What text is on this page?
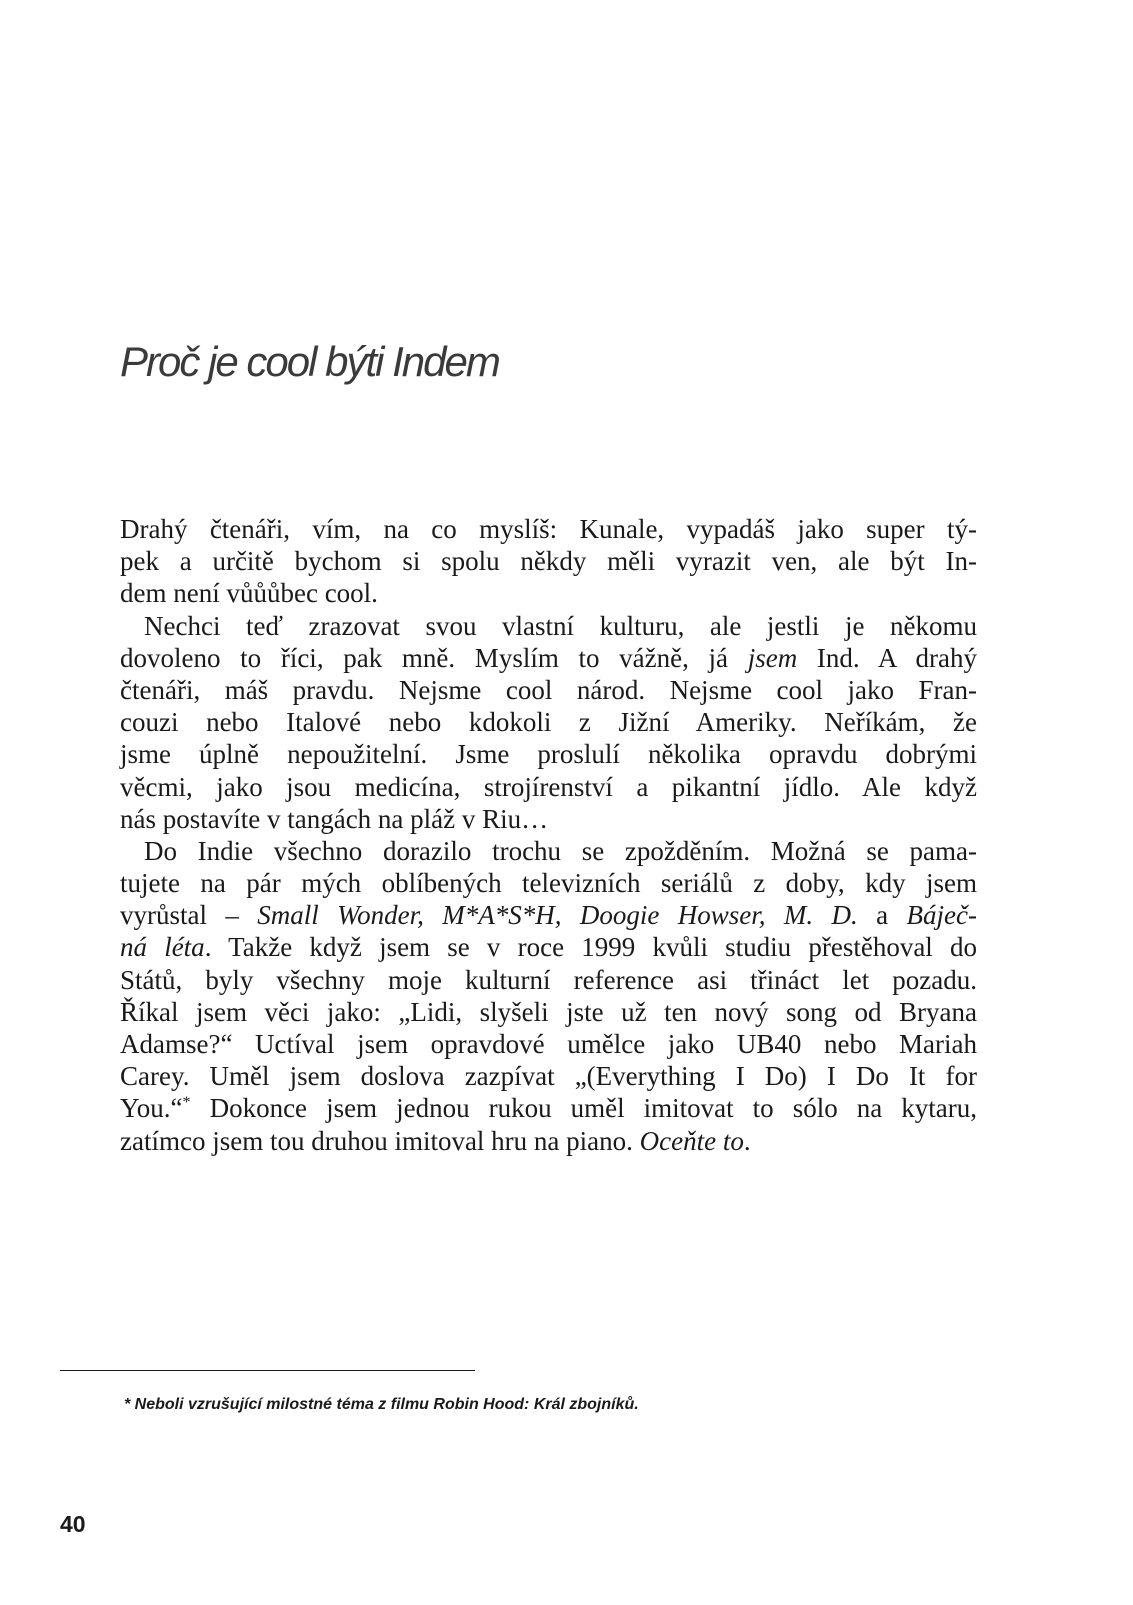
Proč je cool býti Indem
Drahý čtenáři, vím, na co myslíš: Kunale, vypadáš jako super tý-
pek a určitě bychom si spolu někdy měli vyrazit ven, ale být In-
dem není vůůůbec cool.
Nechci teď zrazovat svou vlastní kulturu, ale jestli je někomu
dovoleno to říci, pak mně. Myslím to vážně, já jsem Ind. A drahý
čtenáři, máš pravdu. Nejsme cool národ. Nejsme cool jako Fran-
couzi nebo Italové nebo kdokoli z Jižní Ameriky. Neříkám, že
jsme úplně nepoužitelní. Jsme proslulí několika opravdu dobrými
věcmi, jako jsou medicína, strojírenství a pikantní jídlo. Ale když
nás postavíte v tangách na pláž v Riu…
Do Indie všechno dorazilo trochu se zpožděním. Možná se pama-
tujete na pár mých oblíbených televizních seriálů z doby, kdy jsem
vyrůstal – Small Wonder, M*A*S*H, Doogie Howser, M. D. a Báječ-
ná léta. Takže když jsem se v roce 1999 kvůli studiu přestěhoval do
Států, byly všechny moje kulturní reference asi třináct let pozadu.
Říkal jsem věci jako: „Lidi, slyšeli jste už ten nový song od Bryana
Adamse?“ Uctíval jsem opravdové umělce jako UB40 nebo Mariah
Carey. Uměl jsem doslova zazpívat „(Everything I Do) I Do It for
You.“* Dokonce jsem jednou rukou uměl imitovat to sólo na kytaru,
zatímco jsem tou druhou imitoval hru na piano. Oceňte to.
* Neboli vzrušující milostné téma z filmu Robin Hood: Král zbojníků.
40
